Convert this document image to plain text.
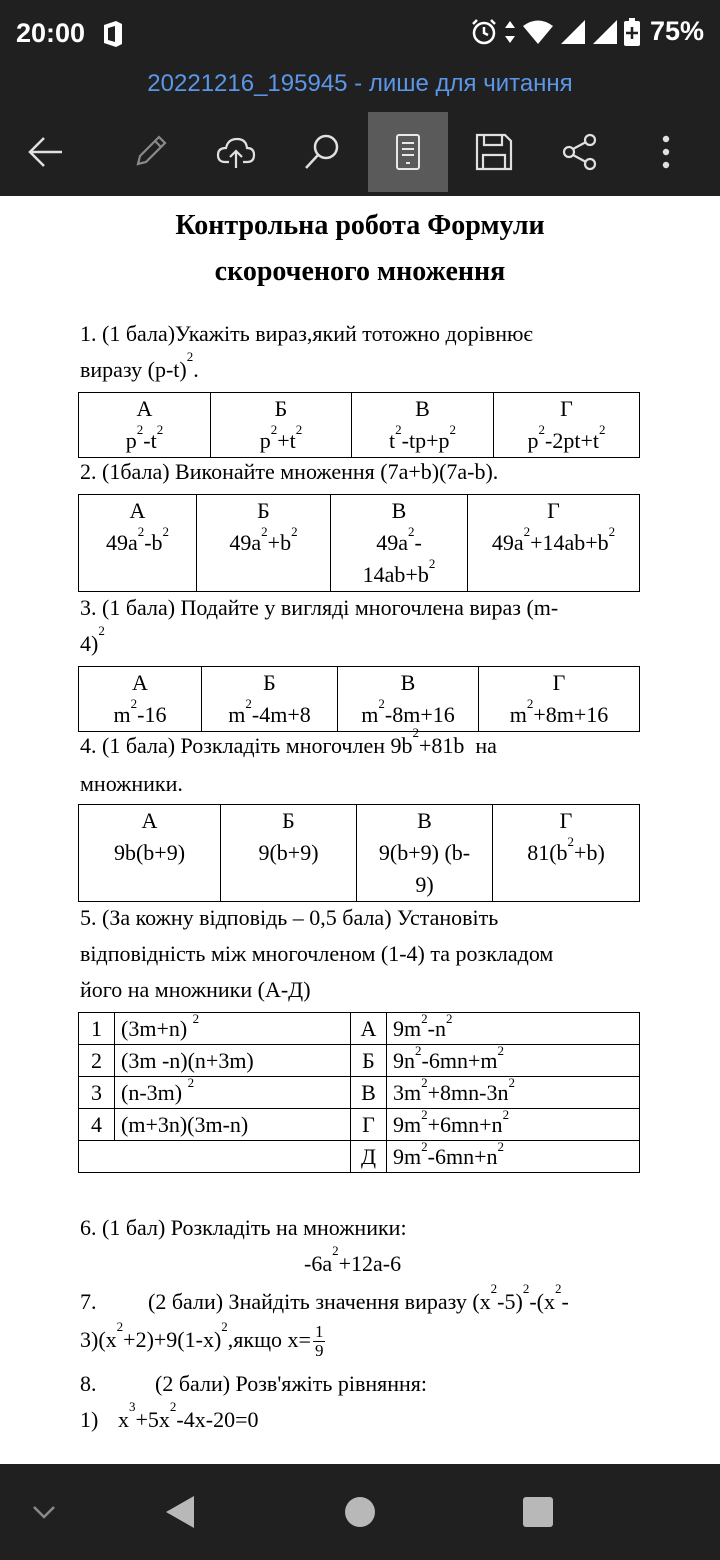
20:00	75%
20221216_195945 - лише для читання
Контрольна робота Формули
скороченого множення
1. (1 бала)Укажіть вираз,який тотожно дорівнює
виразу $(p-t)^2$.
А	Б	В	Г
$p^2-t^2$	$p^2+t^2$	$t^2-tp+p^2$	$p^2-2pt+t^2$
2. (1бала) Виконайте множення (7a+b)(7a-b).
А	Б	В	Г
$49a^2-b^2$	$49a^2+b^2$	$49a^2-$
$14ab+b^2$	$49a^2+14ab+b^2$
3. (1 бала) Подайте у вигляді многочлена вираз (m-
4)$^2$
А	Б	В	Г
$m^2-16$	$m^2-4m+8$	$m^2-8m+16$	$m^2+8m+16$
4. (1 бала) Розкладіть многочлен $9b^2+81b$  на
множники.
А	Б	В	Г
9b(b+9)	9(b+9)	9(b+9) (b-
9)	$81(b^2+b)$
5. (За кожну відповідь – 0,5 бала) Установіть
відповідність між многочленом (1-4) та розкладом
його на множники (А-Д)
1	(3m+n) $^2$	А	$9m^2-n^2$
2	(3m -n)(n+3m)	Б	$9n^2-6mn+m^2$
3	(n-3m) $^2$	В	$3m^2+8mn-3n^2$
4	(m+3n)(3m-n)	Г	$9m^2+6mn+n^2$
		Д	$9m^2-6mn+n^2$
6. (1 бал) Розкладіть на множники:
$-6a^2+12a-6$
7. (2 бали) Знайдіть значення виразу $(x^2-5)^2-(x^2-$
$3)(x^2+2)+9(1-x)^2,якщо$ $x= \frac{1}{9}$
8.	(2 бали) Розв'яжіть рівняння:
1) $x^3+5x^2-4x-20=0$
